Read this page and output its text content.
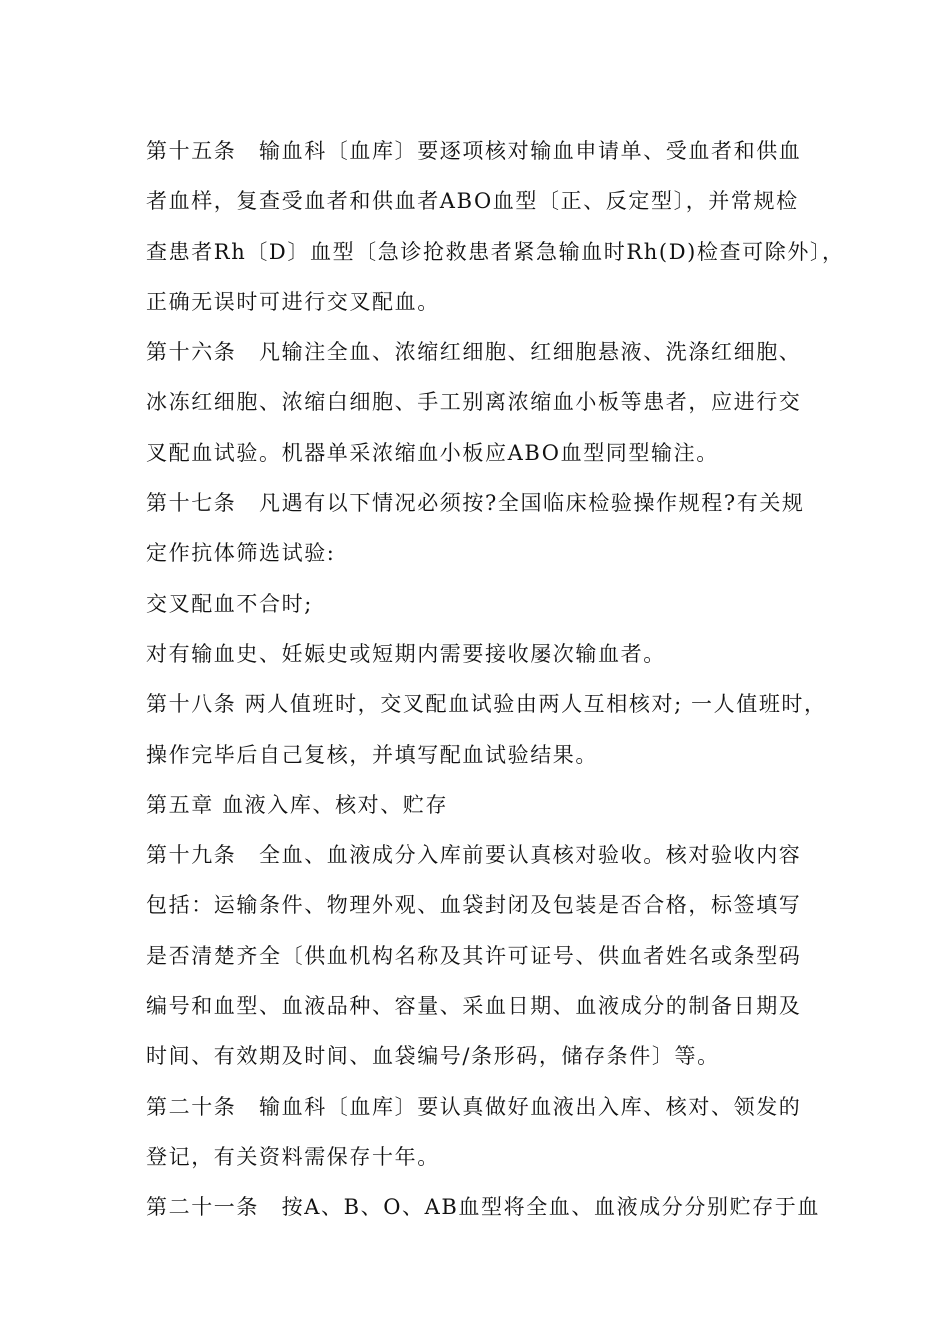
第十五条　输血科〔血库〕要逐项核对输血申请单、受血者和供血
者血样，复查受血者和供血者ABO血型〔正、反定型〕，并常规检
查患者Rh〔D〕血型〔急诊抢救患者紧急输血时Rh(D)检查可除外〕，
正确无误时可进行交叉配血。
第十六条　凡输注全血、浓缩红细胞、红细胞悬液、洗涤红细胞、
冰冻红细胞、浓缩白细胞、手工别离浓缩血小板等患者，应进行交
叉配血试验。机器单采浓缩血小板应ABO血型同型输注。
第十七条　凡遇有以下情况必须按?全国临床检验操作规程?有关规
定作抗体筛选试验:
交叉配血不合时;
对有输血史、妊娠史或短期内需要接收屡次输血者。
第十八条 两人值班时，交叉配血试验由两人互相核对; 一人值班时，
操作完毕后自己复核，并填写配血试验结果。
第五章 血液入库、核对、贮存
第十九条　全血、血液成分入库前要认真核对验收。核对验收内容
包括：运输条件、物理外观、血袋封闭及包装是否合格，标签填写
是否清楚齐全〔供血机构名称及其许可证号、供血者姓名或条型码
编号和血型、血液品种、容量、采血日期、血液成分的制备日期及
时间、有效期及时间、血袋编号/条形码，储存条件〕等。
第二十条　输血科〔血库〕要认真做好血液出入库、核对、领发的
登记，有关资料需保存十年。
第二十一条　按A、B、O、AB血型将全血、血液成分分别贮存于血
